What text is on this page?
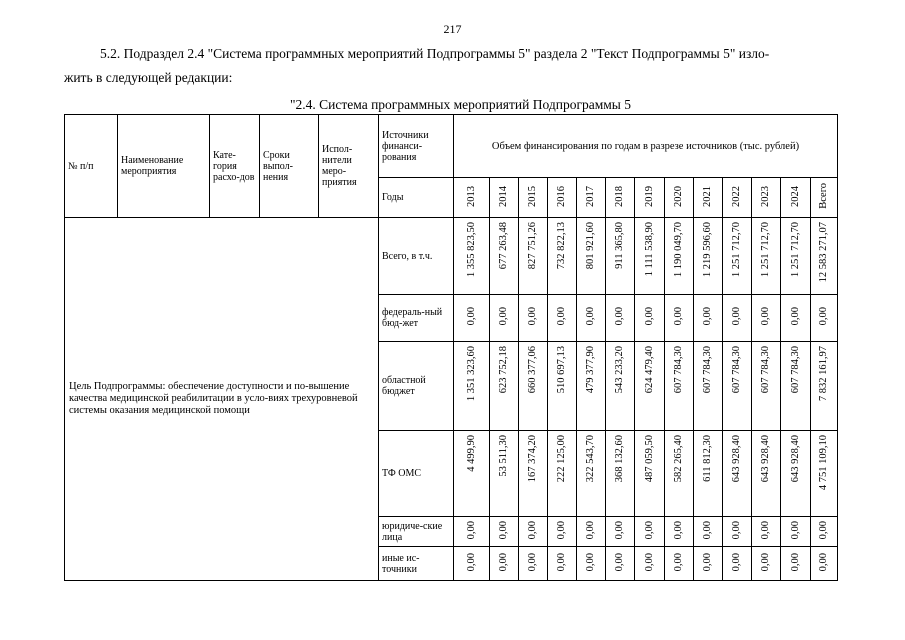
217
5.2. Подраздел 2.4 "Система программных мероприятий Подпрограммы 5" раздела 2 "Текст Подпрограммы 5" изло-
жить в следующей редакции:
"2.4. Система программных мероприятий Подпрограммы 5
№ п/п	Наименование мероприятия	Кате-гория расхо-дов	Сроки выпол-нения	Испол-нители меро-приятия	Источники финанси-рования	Объем финансирования по годам в разрезе источников (тыс. рублей)												
					Годы	2013	2014	2015	2016	2017	2018	2019	2020	2021	2022	2023	2024	Всего
Цель Подпрограммы: обеспечение доступности и по-вышение качества медицинской реабилитации в усло-виях трехуровневой системы оказания медицинской помощи					Всего, в т.ч.	1 355 823,50	677 263,48	827 751,26	732 822,13	801 921,60	911 365,80	1 111 538,90	1 190 049,70	1 219 596,60	1 251 712,70	1 251 712,70	1 251 712,70	12 583 271,07
					федераль-ный бюд-жет	0,00	0,00	0,00	0,00	0,00	0,00	0,00	0,00	0,00	0,00	0,00	0,00	0,00
					областной бюджет	1 351 323,60	623 752,18	660 377,06	510 697,13	479 377,90	543 233,20	624 479,40	607 784,30	607 784,30	607 784,30	607 784,30	607 784,30	7 832 161,97
					ТФ ОМС	4 499,90	53 511,30	167 374,20	222 125,00	322 543,70	368 132,60	487 059,50	582 265,40	611 812,30	643 928,40	643 928,40	643 928,40	4 751 109,10
					юридиче-ские лица	0,00	0,00	0,00	0,00	0,00	0,00	0,00	0,00	0,00	0,00	0,00	0,00	0,00
					иные ис-точники	0,00	0,00	0,00	0,00	0,00	0,00	0,00	0,00	0,00	0,00	0,00	0,00	0,00
